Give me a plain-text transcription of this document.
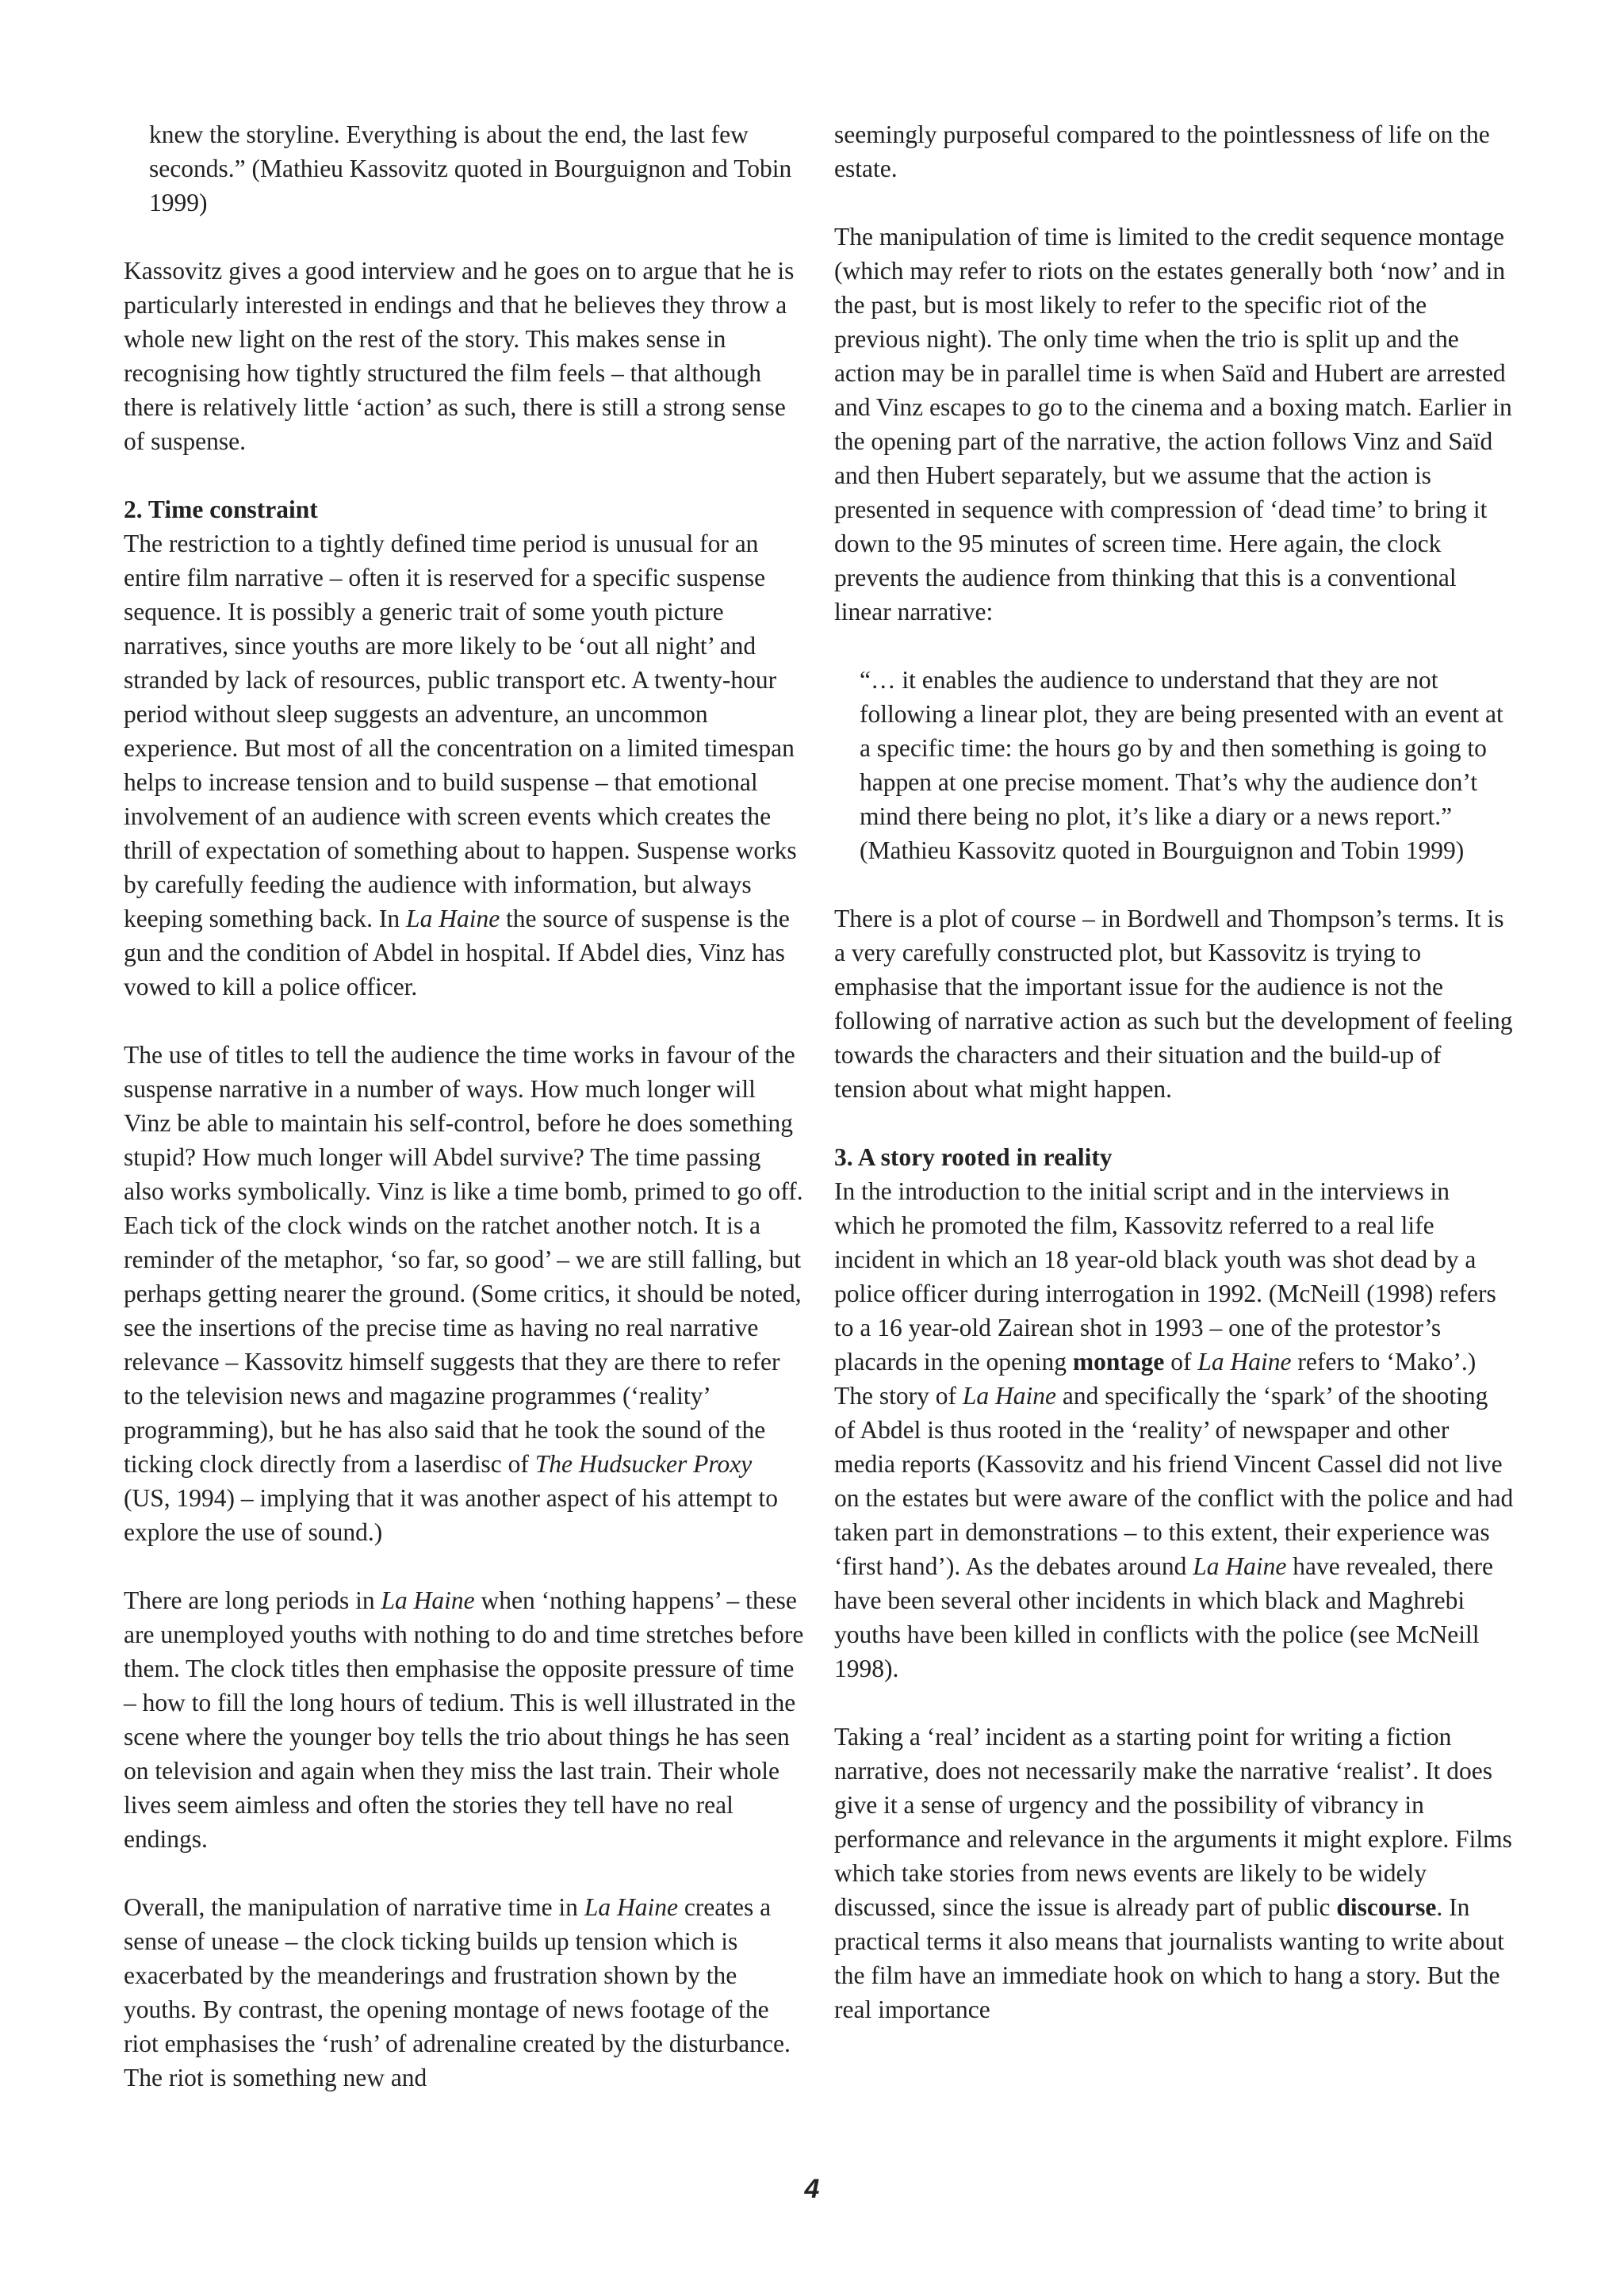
knew the storyline. Everything is about the end, the last few seconds.” (Mathieu Kassovitz quoted in Bourguignon and Tobin 1999)
Kassovitz gives a good interview and he goes on to argue that he is particularly interested in endings and that he believes they throw a whole new light on the rest of the story. This makes sense in recognising how tightly structured the film feels – that although there is relatively little ‘action’ as such, there is still a strong sense of suspense.
2. Time constraint
The restriction to a tightly defined time period is unusual for an entire film narrative – often it is reserved for a specific suspense sequence. It is possibly a generic trait of some youth picture narratives, since youths are more likely to be ‘out all night’ and stranded by lack of resources, public transport etc. A twenty-hour period without sleep suggests an adventure, an uncommon experience. But most of all the concentration on a limited timespan helps to increase tension and to build suspense – that emotional involvement of an audience with screen events which creates the thrill of expectation of something about to happen. Suspense works by carefully feeding the audience with information, but always keeping something back. In La Haine the source of suspense is the gun and the condition of Abdel in hospital. If Abdel dies, Vinz has vowed to kill a police officer.
The use of titles to tell the audience the time works in favour of the suspense narrative in a number of ways. How much longer will Vinz be able to maintain his self-control, before he does something stupid? How much longer will Abdel survive? The time passing also works symbolically. Vinz is like a time bomb, primed to go off. Each tick of the clock winds on the ratchet another notch. It is a reminder of the metaphor, ‘so far, so good’ – we are still falling, but perhaps getting nearer the ground. (Some critics, it should be noted, see the insertions of the precise time as having no real narrative relevance – Kassovitz himself suggests that they are there to refer to the television news and magazine programmes (‘reality’ programming), but he has also said that he took the sound of the ticking clock directly from a laserdisc of The Hudsucker Proxy (US, 1994) – implying that it was another aspect of his attempt to explore the use of sound.)
There are long periods in La Haine when ‘nothing happens’ – these are unemployed youths with nothing to do and time stretches before them. The clock titles then emphasise the opposite pressure of time – how to fill the long hours of tedium. This is well illustrated in the scene where the younger boy tells the trio about things he has seen on television and again when they miss the last train. Their whole lives seem aimless and often the stories they tell have no real endings.
Overall, the manipulation of narrative time in La Haine creates a sense of unease – the clock ticking builds up tension which is exacerbated by the meanderings and frustration shown by the youths. By contrast, the opening montage of news footage of the riot emphasises the ‘rush’ of adrenaline created by the disturbance. The riot is something new and
seemingly purposeful compared to the pointlessness of life on the estate.
The manipulation of time is limited to the credit sequence montage (which may refer to riots on the estates generally both ‘now’ and in the past, but is most likely to refer to the specific riot of the previous night). The only time when the trio is split up and the action may be in parallel time is when Saïd and Hubert are arrested and Vinz escapes to go to the cinema and a boxing match. Earlier in the opening part of the narrative, the action follows Vinz and Saïd and then Hubert separately, but we assume that the action is presented in sequence with compression of ‘dead time’ to bring it down to the 95 minutes of screen time. Here again, the clock prevents the audience from thinking that this is a conventional linear narrative:
“… it enables the audience to understand that they are not following a linear plot, they are being presented with an event at a specific time: the hours go by and then something is going to happen at one precise moment. That’s why the audience don’t mind there being no plot, it’s like a diary or a news report.” (Mathieu Kassovitz quoted in Bourguignon and Tobin 1999)
There is a plot of course – in Bordwell and Thompson’s terms. It is a very carefully constructed plot, but Kassovitz is trying to emphasise that the important issue for the audience is not the following of narrative action as such but the development of feeling towards the characters and their situation and the build-up of tension about what might happen.
3. A story rooted in reality
In the introduction to the initial script and in the interviews in which he promoted the film, Kassovitz referred to a real life incident in which an 18 year-old black youth was shot dead by a police officer during interrogation in 1992. (McNeill (1998) refers to a 16 year-old Zairean shot in 1993 – one of the protestor’s placards in the opening montage of La Haine refers to ‘Mako’.) The story of La Haine and specifically the ‘spark’ of the shooting of Abdel is thus rooted in the ‘reality’ of newspaper and other media reports (Kassovitz and his friend Vincent Cassel did not live on the estates but were aware of the conflict with the police and had taken part in demonstrations – to this extent, their experience was ‘first hand’). As the debates around La Haine have revealed, there have been several other incidents in which black and Maghrebi youths have been killed in conflicts with the police (see McNeill 1998).
Taking a ‘real’ incident as a starting point for writing a fiction narrative, does not necessarily make the narrative ‘realist’. It does give it a sense of urgency and the possibility of vibrancy in performance and relevance in the arguments it might explore. Films which take stories from news events are likely to be widely discussed, since the issue is already part of public discourse. In practical terms it also means that journalists wanting to write about the film have an immediate hook on which to hang a story. But the real importance
4
